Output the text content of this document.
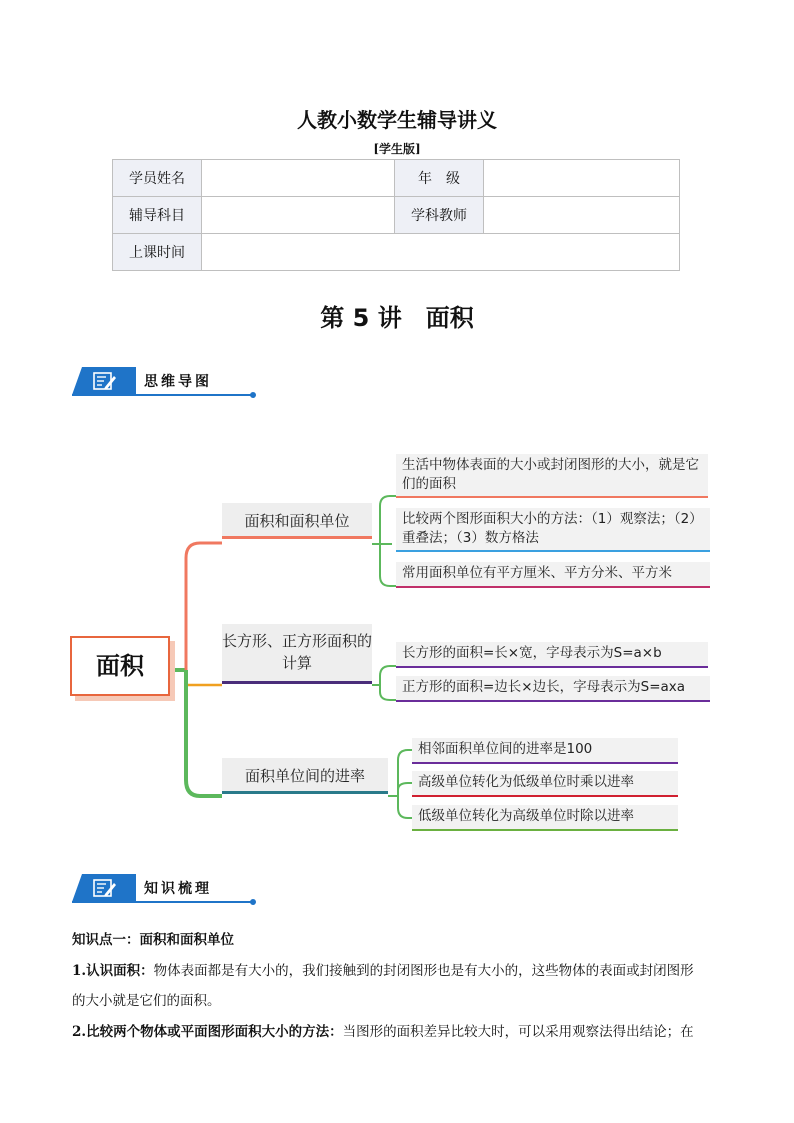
人教小数学生辅导讲义
[学生版]
学员姓名		年　级	
辅导科目		学科教师	
上课时间			
第 5 讲　面积
思维导图
面积
面积和面积单位
生活中物体表面的大小或封闭图形的大小，就是它们的面积
比较两个图形面积大小的方法：（1）观察法；（2）重叠法；（3）数方格法
常用面积单位有平方厘米、平方分米、平方米
长方形、正方形面积的计算
长方形的面积=长×宽，字母表示为S=a×b
正方形的面积=边长×边长，字母表示为S=axa
面积单位间的进率
相邻面积单位间的进率是100
高级单位转化为低级单位时乘以进率
低级单位转化为高级单位时除以进率
知识梳理
知识点一：面积和面积单位
1.认识面积：物体表面都是有大小的，我们接触到的封闭图形也是有大小的，这些物体的表面或封闭图形
的大小就是它们的面积。
2.比较两个物体或平面图形面积大小的方法：当图形的面积差异比较大时，可以采用观察法得出结论；在
